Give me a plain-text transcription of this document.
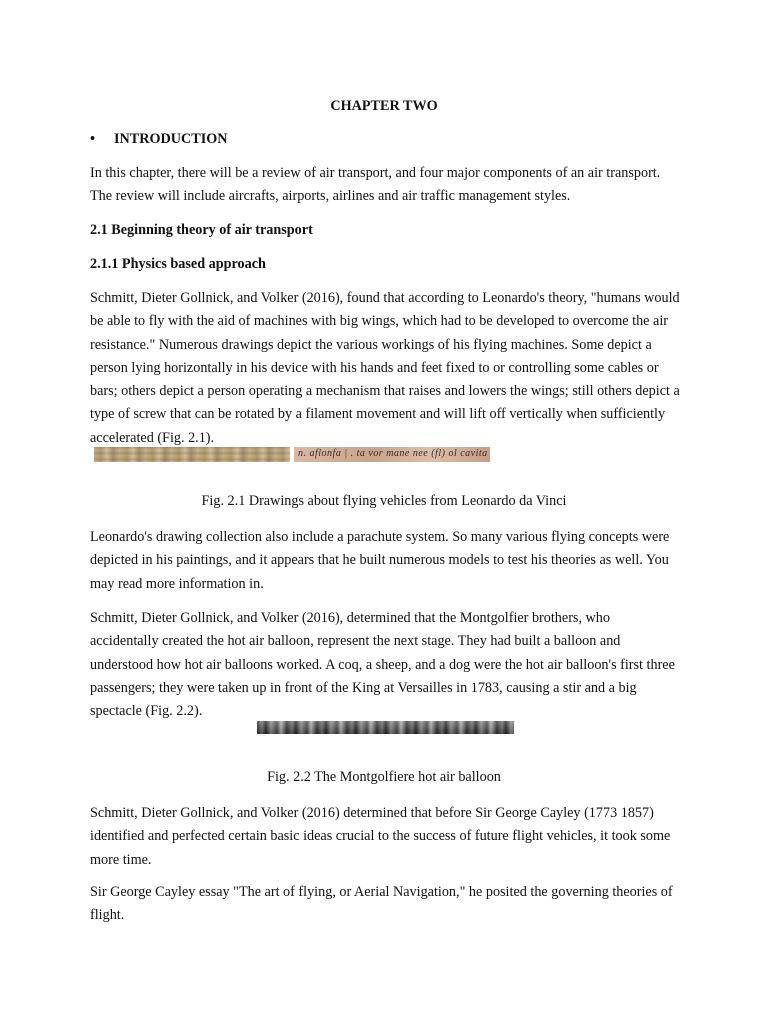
CHAPTER TWO
• INTRODUCTION
In this chapter, there will be a review of air transport, and four major components of an air transport. The review will include aircrafts, airports, airlines and air traffic management styles.
2.1 Beginning theory of air transport
2.1.1 Physics based approach
Schmitt, Dieter Gollnick, and Volker (2016), found that according to Leonardo's theory, "humans would be able to fly with the aid of machines with big wings, which had to be developed to overcome the air resistance." Numerous drawings depict the various workings of his flying machines. Some depict a person lying horizontally in his device with his hands and feet fixed to or controlling some cables or bars; others depict a person operating a mechanism that raises and lowers the wings; still others depict a type of screw that can be rotated by a filament movement and will lift off vertically when sufficiently accelerated (Fig. 2.1).
n. aflonfa | . ta vor mane nee (fl) ol cavita
Fig. 2.1 Drawings about flying vehicles from Leonardo da Vinci
Leonardo's drawing collection also include a parachute system. So many various flying concepts were depicted in his paintings, and it appears that he built numerous models to test his theories as well. You may read more information in.
Schmitt, Dieter Gollnick, and Volker (2016), determined that the Montgolfier brothers, who accidentally created the hot air balloon, represent the next stage. They had built a balloon and understood how hot air balloons worked. A coq, a sheep, and a dog were the hot air balloon's first three passengers; they were taken up in front of the King at Versailles in 1783, causing a stir and a big spectacle (Fig. 2.2).
Fig. 2.2 The Montgolfiere hot air balloon
Schmitt, Dieter Gollnick, and Volker (2016) determined that before Sir George Cayley (1773 1857) identified and perfected certain basic ideas crucial to the success of future flight vehicles, it took some more time.
Sir George Cayley essay "The art of flying, or Aerial Navigation," he posited the governing theories of flight.
